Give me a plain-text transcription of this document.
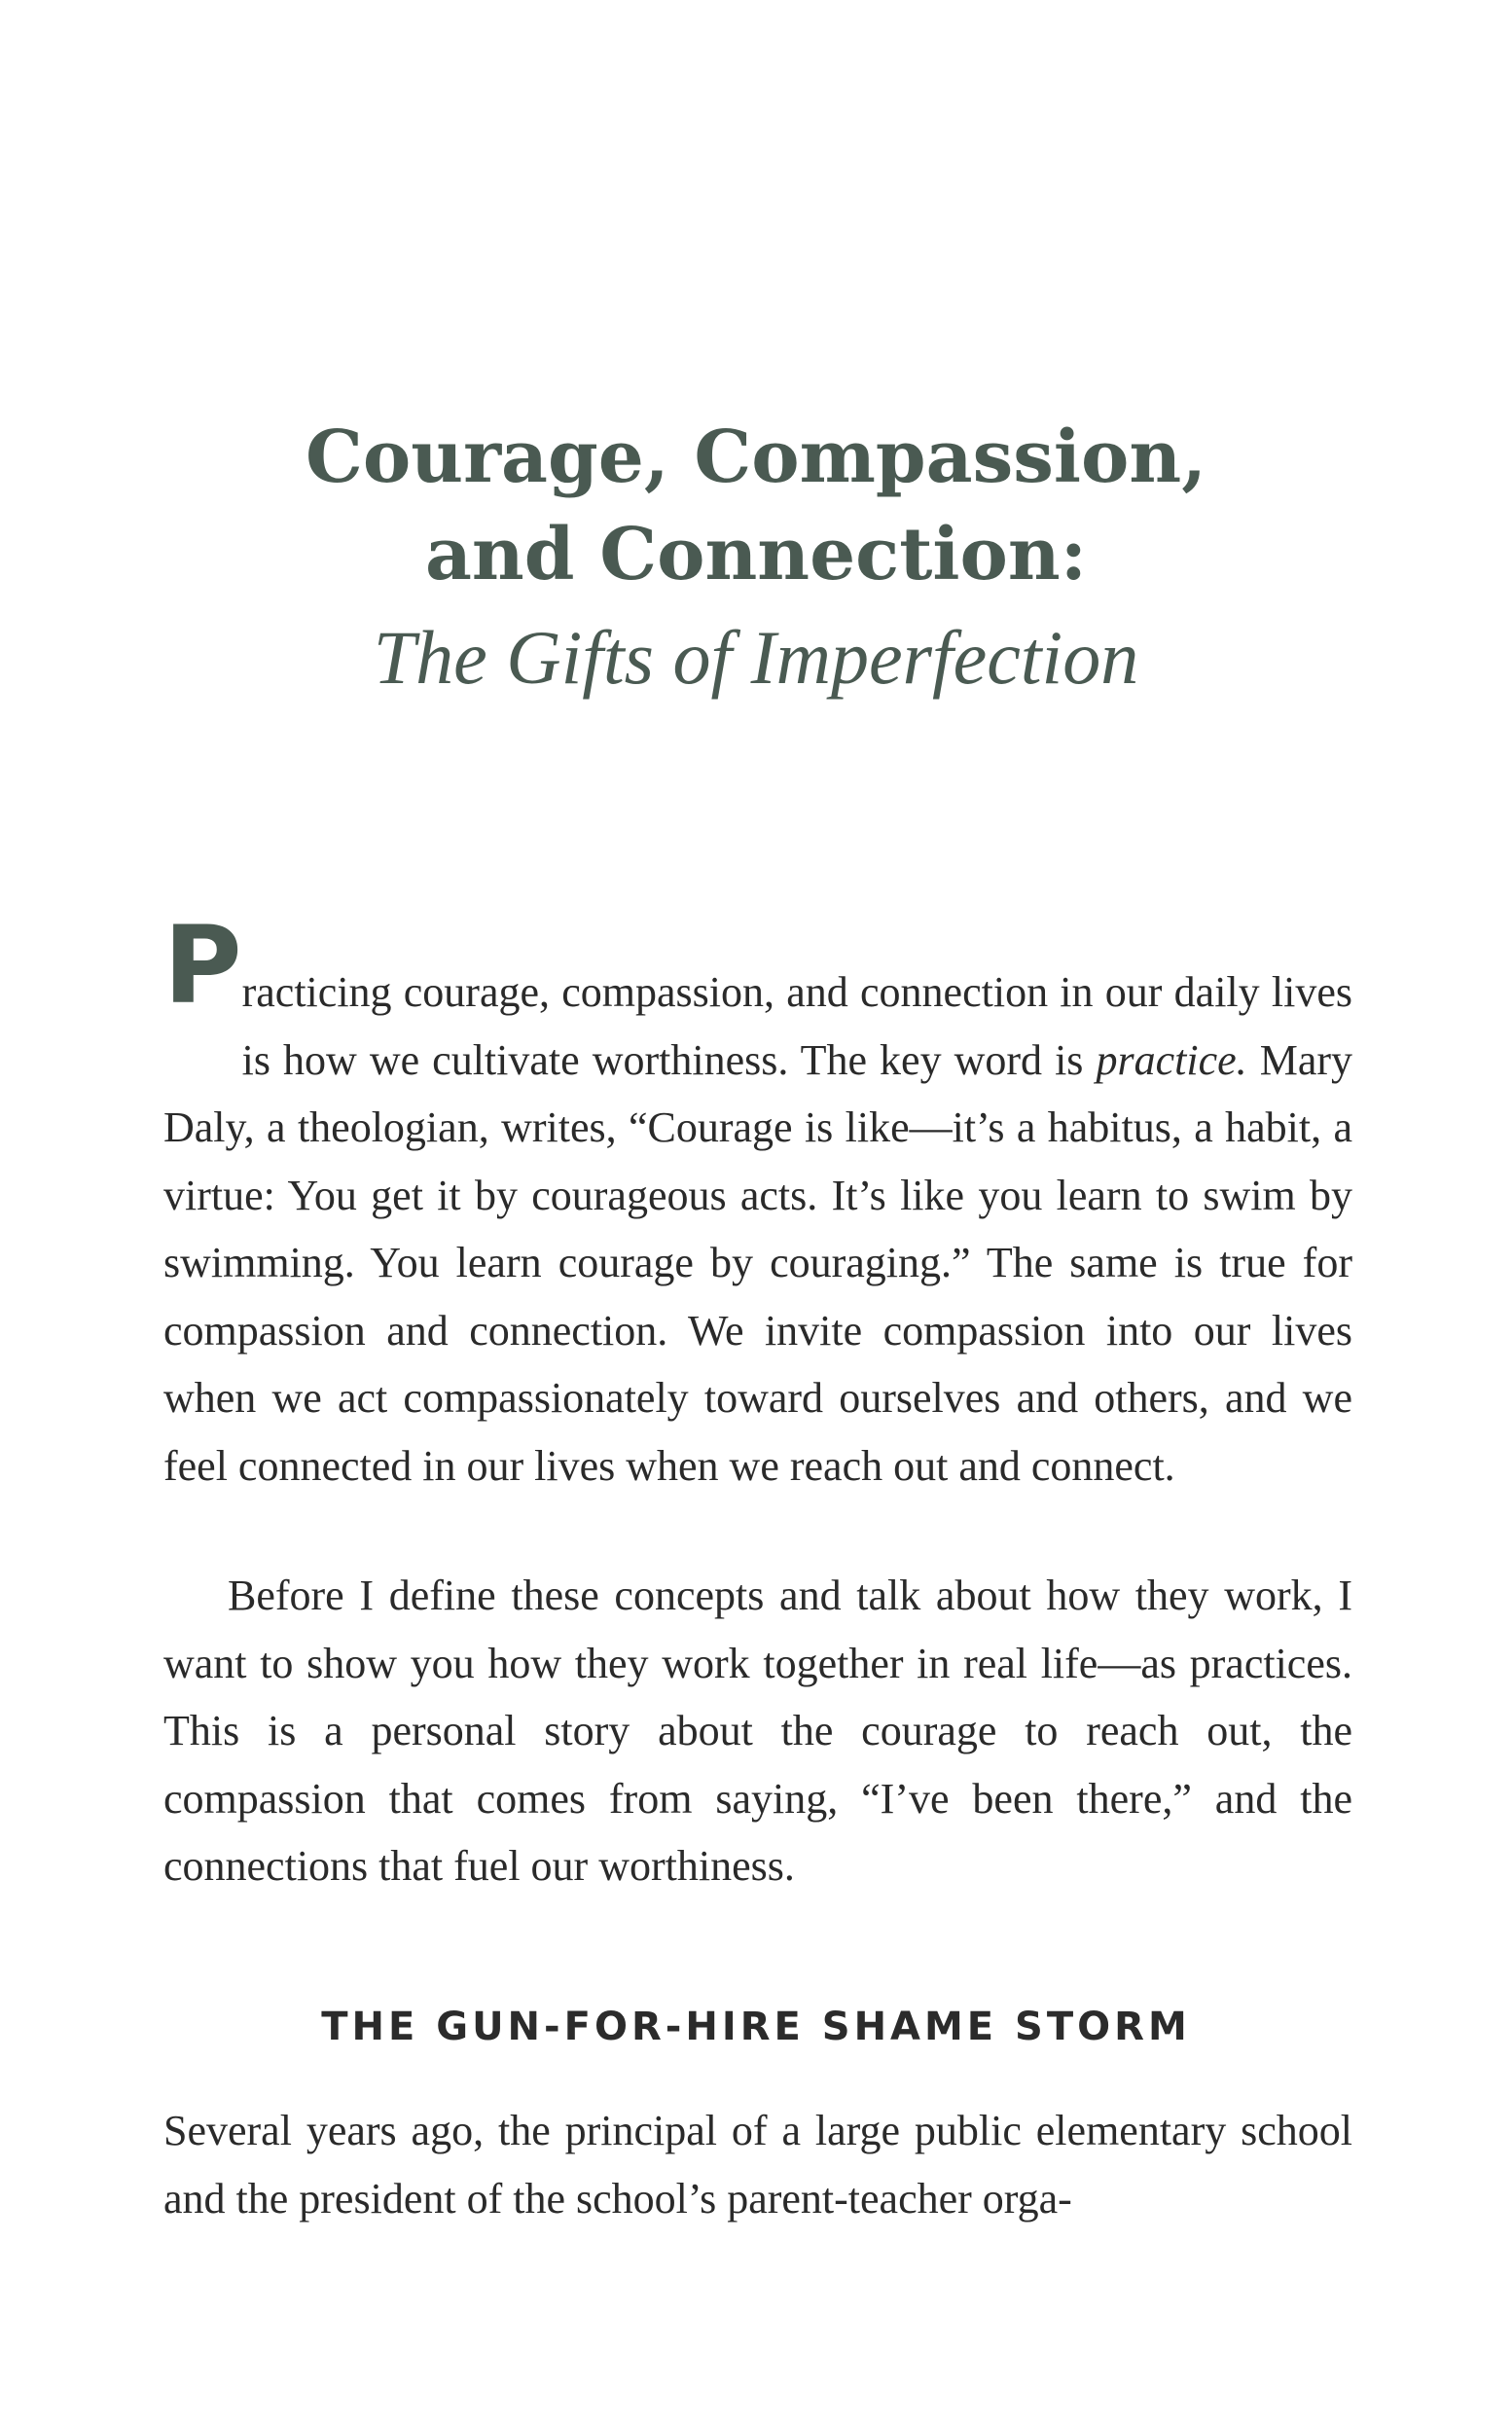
Courage, Compassion,

and Connection:

The Gifts of Imperfection

Practicing courage, compassion, and connection in our daily lives is how we cultivate worthiness. The key word is practice. Mary Daly, a theologian, writes, “Courage is like—it’s a habitus, a habit, a virtue: You get it by courageous acts. It’s like you learn to swim by swimming. You learn courage by couraging.” The same is true for compassion and connection. We invite compassion into our lives when we act compassionately toward ourselves and others, and we feel connected in our lives when we reach out and connect.

Before I define these concepts and talk about how they work, I want to show you how they work together in real life—as practices. This is a personal story about the courage to reach out, the compassion that comes from saying, “I’ve been there,” and the connections that fuel our worthiness.

THE GUN-FOR-HIRE SHAME STORM

Several years ago, the principal of a large public elementary school and the president of the school’s parent-teacher orga-
